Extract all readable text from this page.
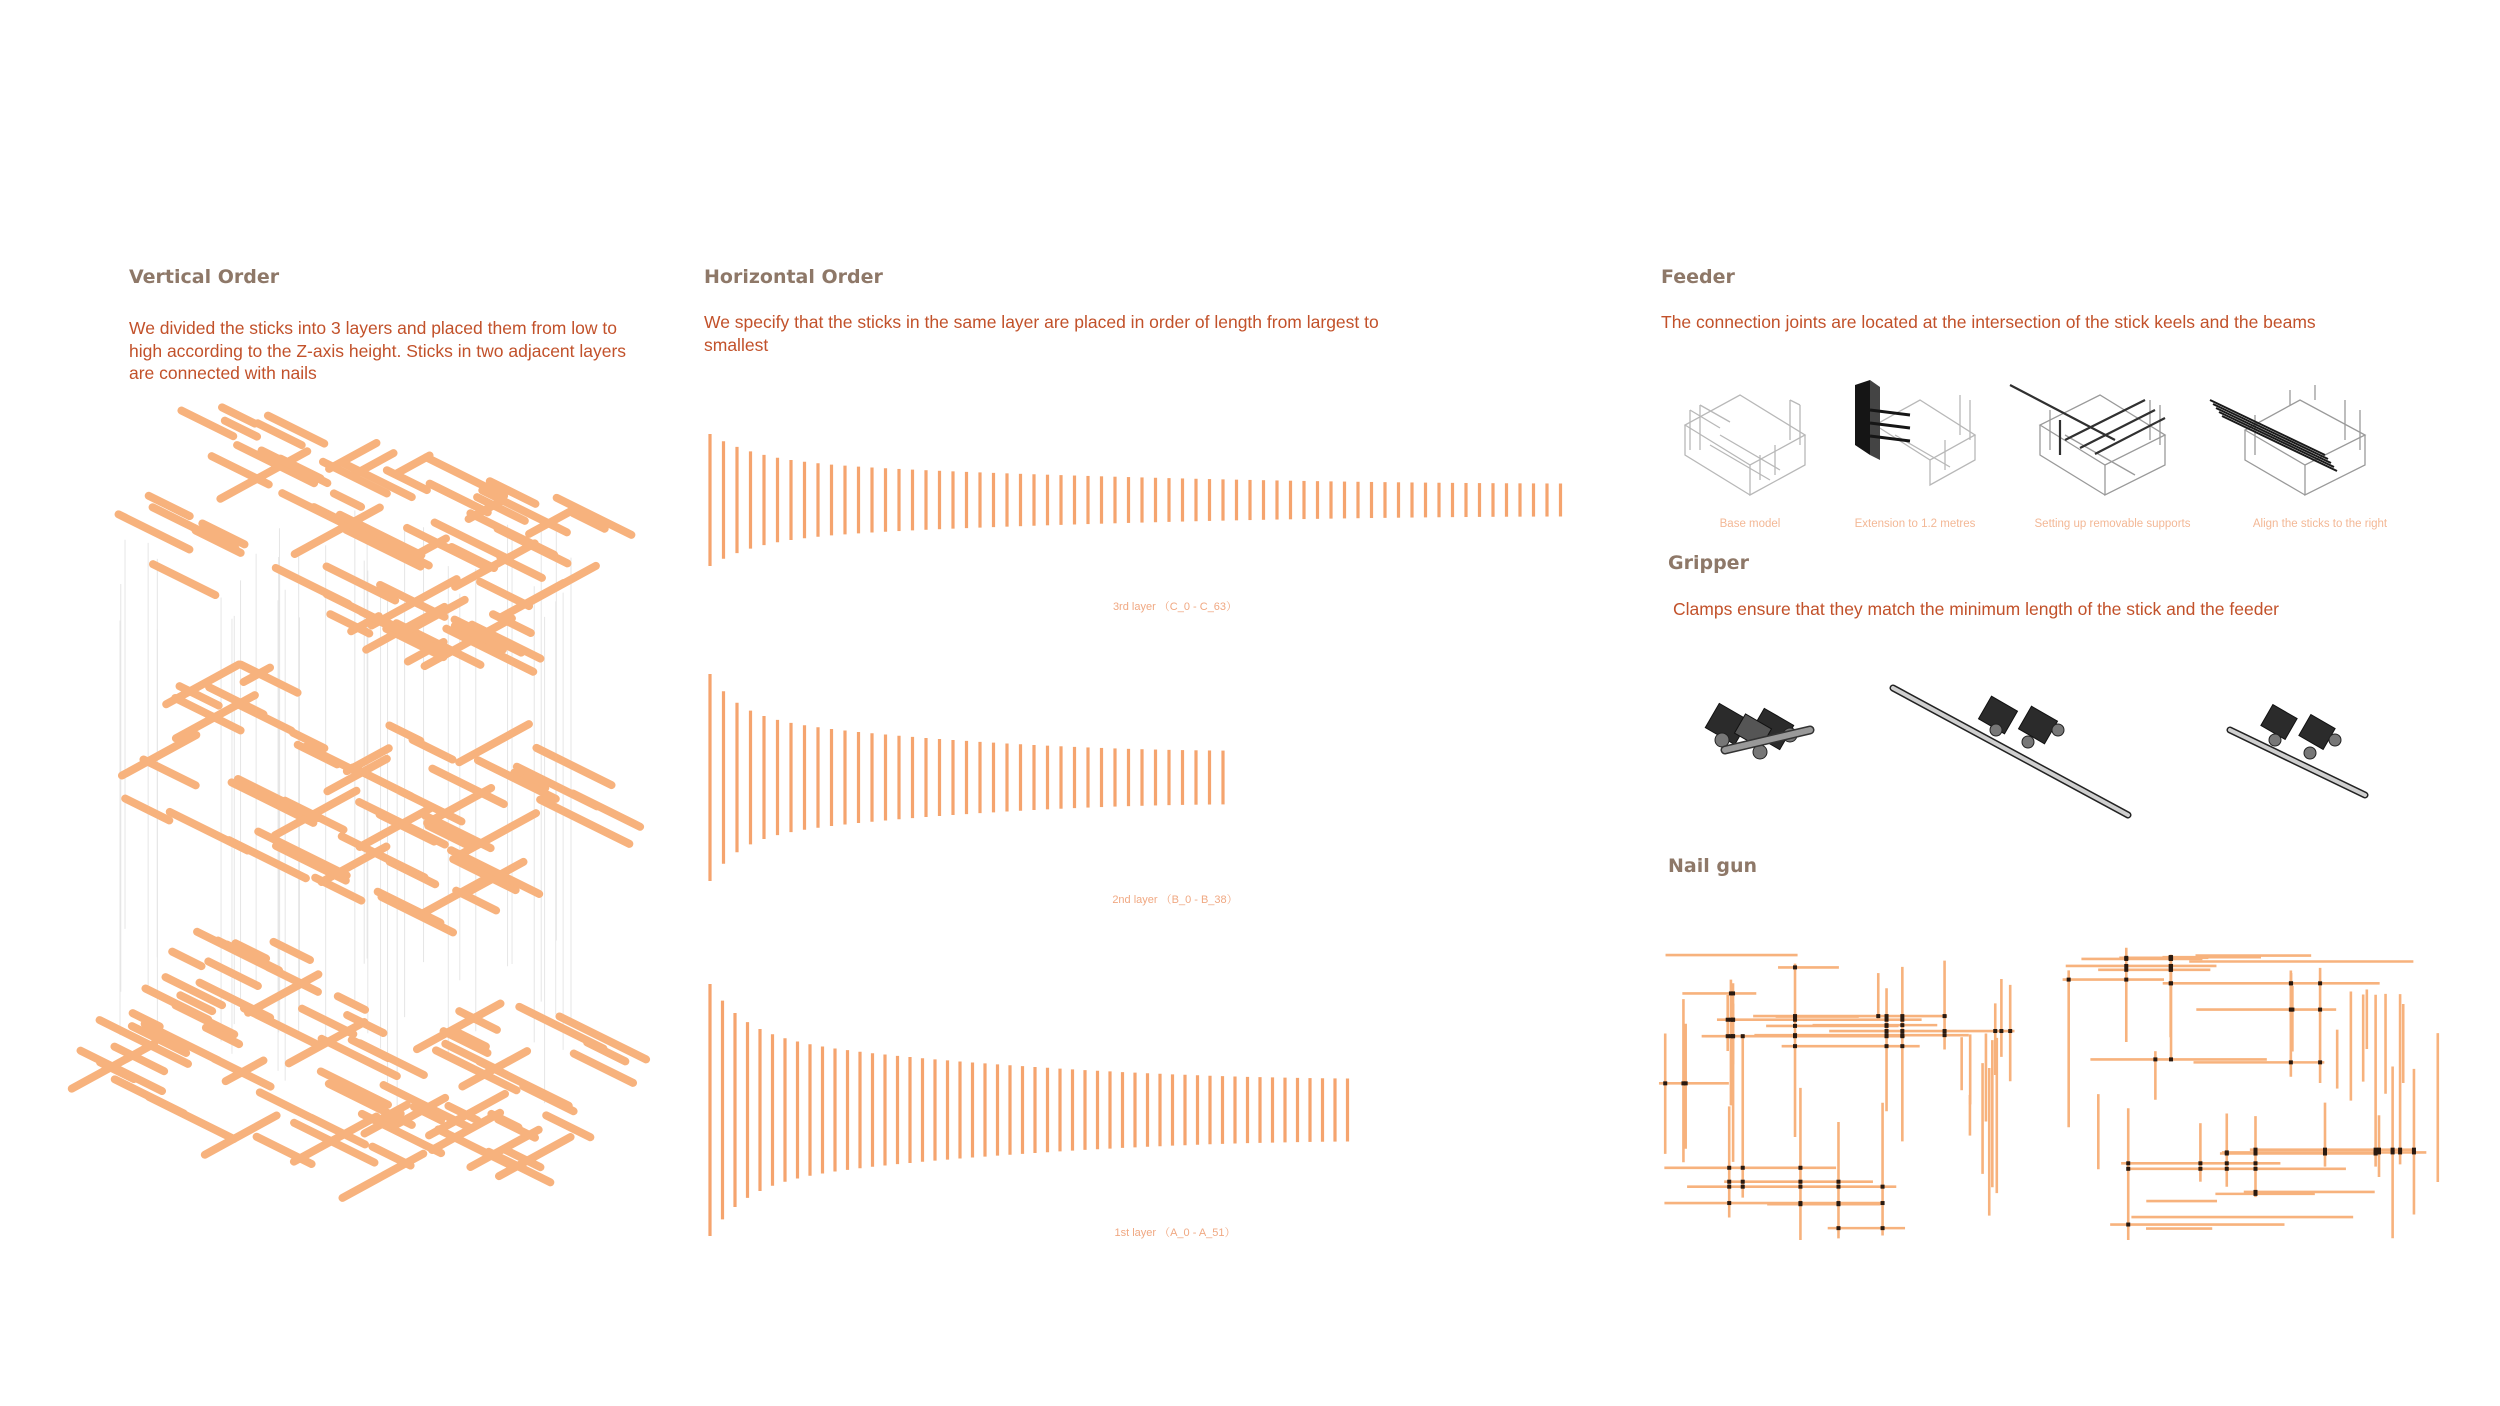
Vertical Order
We divided the sticks into 3 layers and placed them from low to high according to the Z-axis height. Sticks in two adjacent layers are connected with nails
Horizontal Order
We specify that the sticks in the same layer are placed in order of length from largest to smallest
3rd layer （C_0 - C_63）
2nd layer （B_0 - B_38）
1st layer （A_0 - A_51）
Feeder
The connection joints are located at the intersection of the stick keels and the beams
Base model	Extension to 1.2 metres	Setting up removable supports	Align the sticks to the right
Gripper
Clamps ensure that they match the minimum length of the stick and the feeder
Nail gun
